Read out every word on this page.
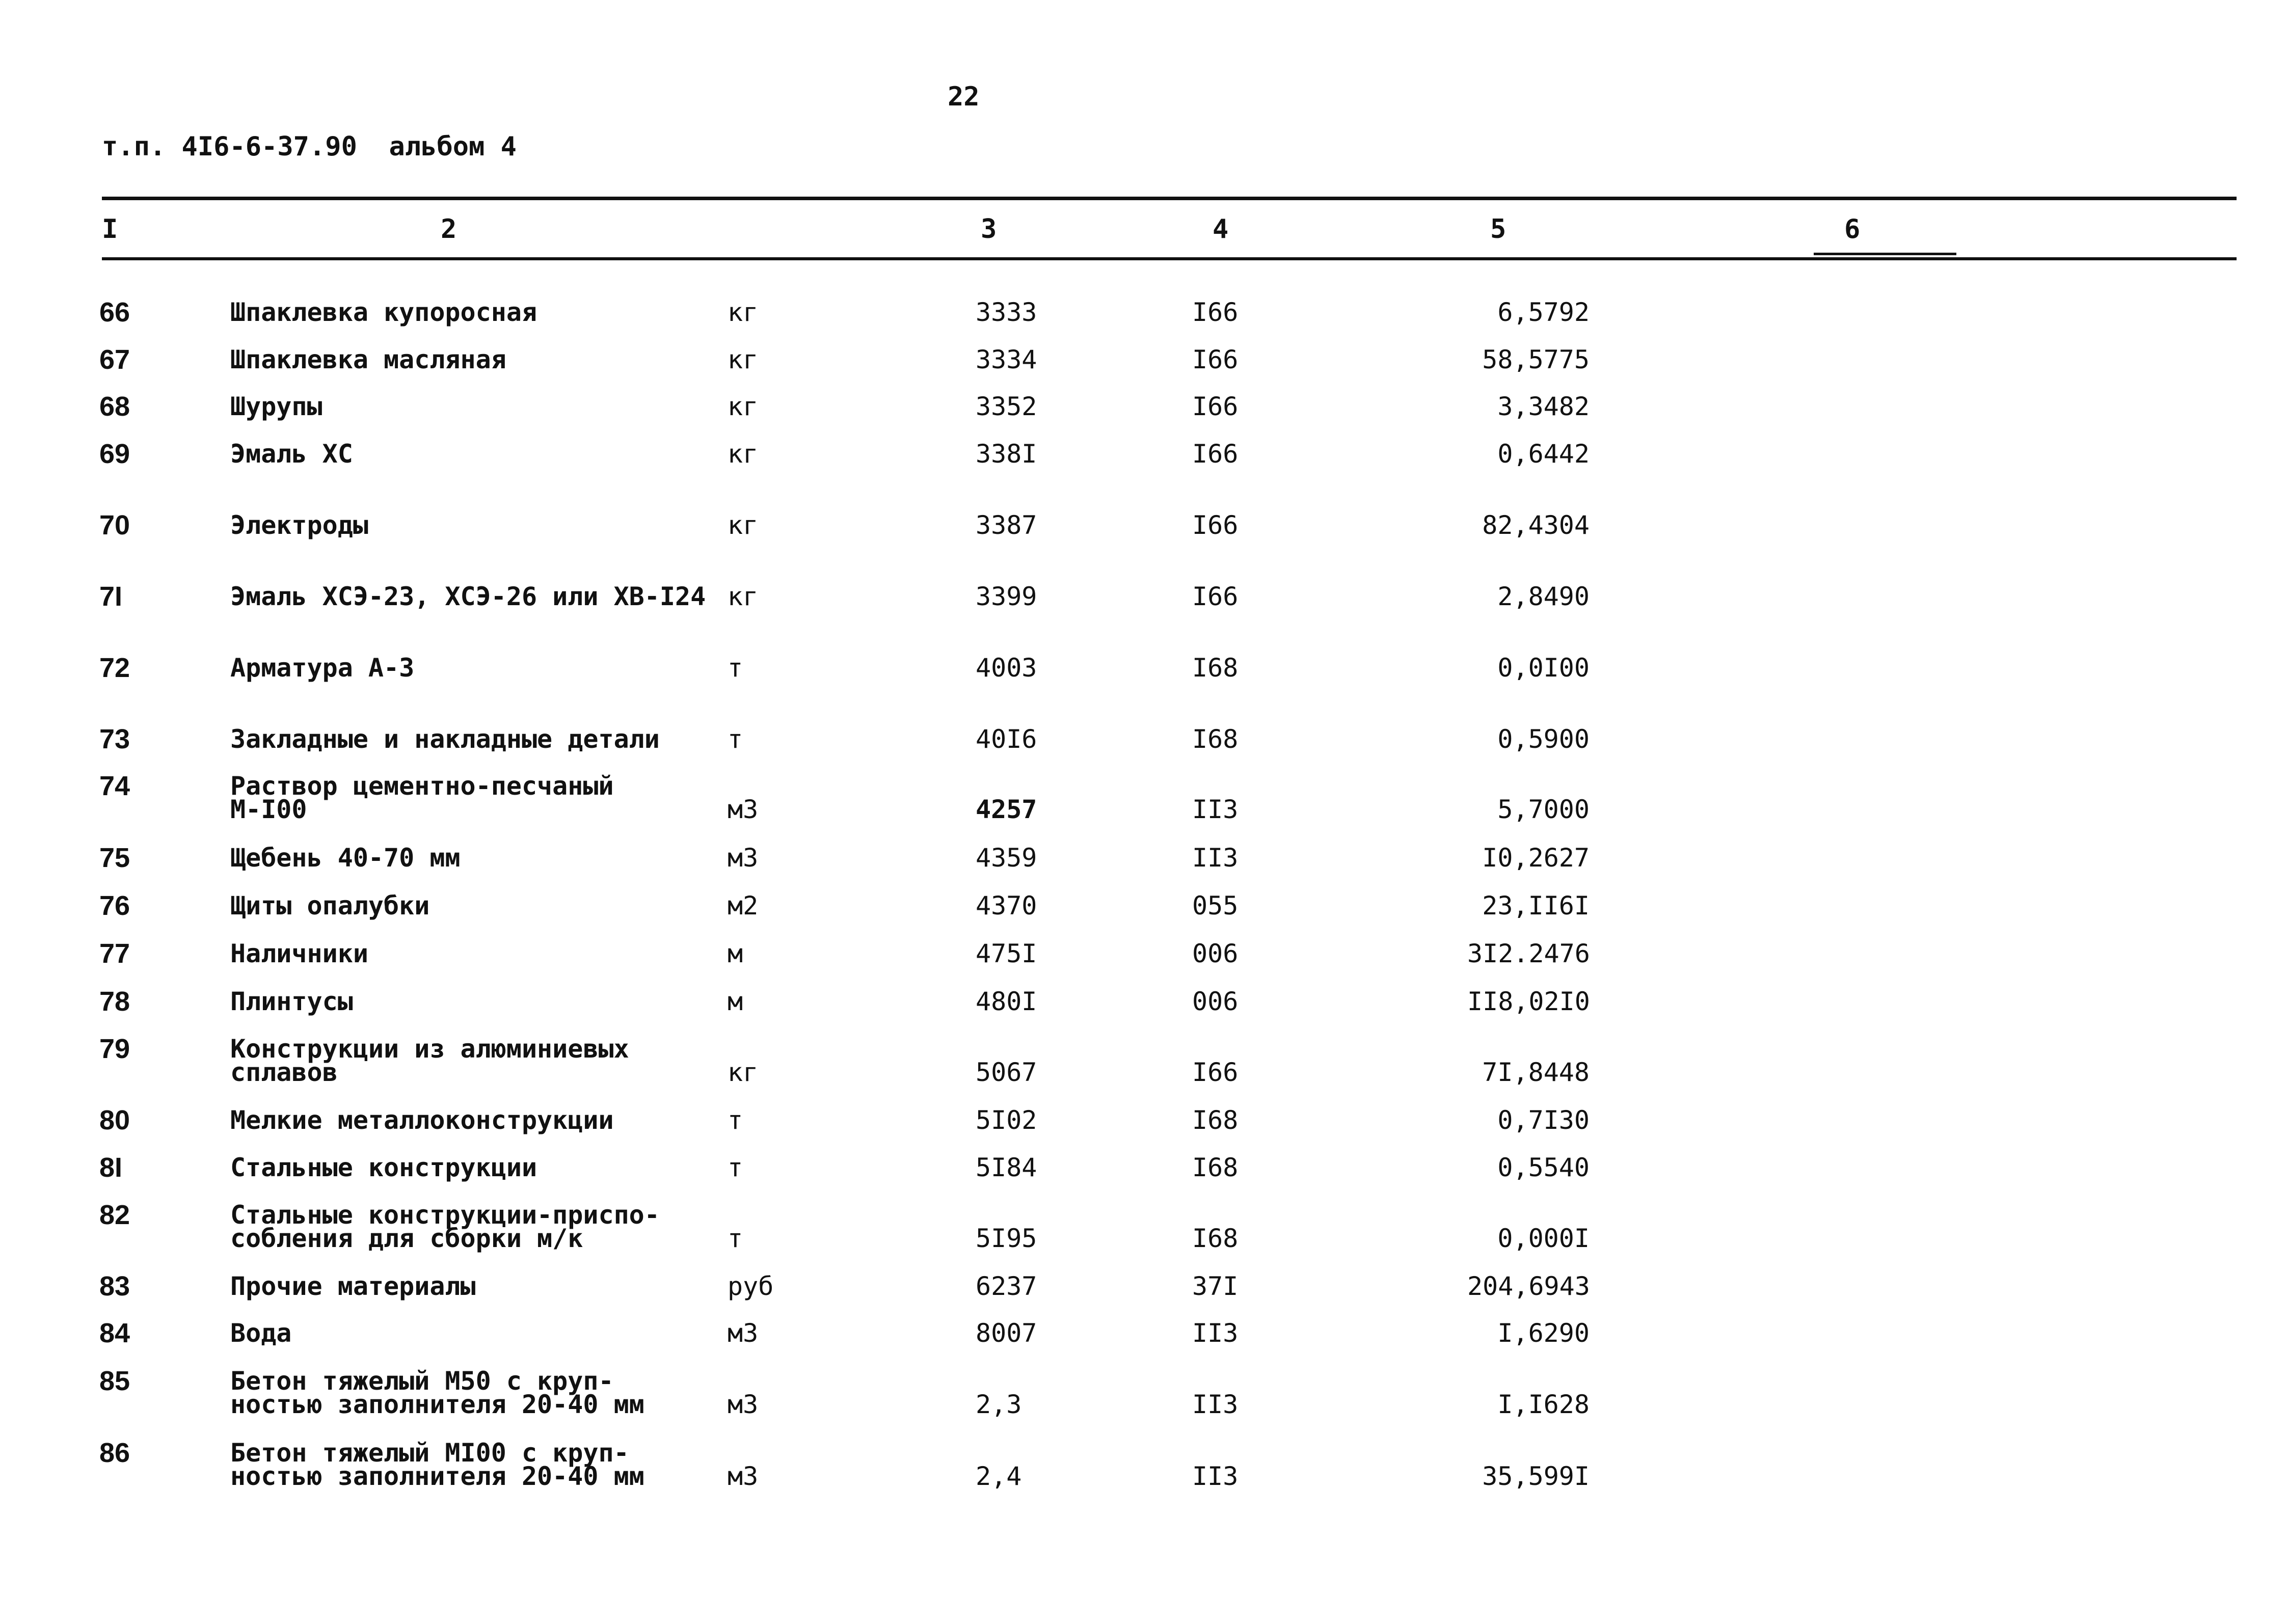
22
т.п. 4I6-6-37.90  альбом 4
I	2	3	4	5	6
66	Шпаклевка купоросная	кг	3333	I66	6,5792
67	Шпаклевка масляная	кг	3334	I66	58,5775
68	Шурупы	кг	3352	I66	3,3482
69	Эмаль ХС	кг	338I	I66	0,6442
70	Электроды	кг	3387	I66	82,4304
7I	Эмаль ХСЭ-23, ХСЭ-26 или ХВ-I24 кг	3399	I66	2,8490
72	Арматура А-3	т	4003	I68	0,0I00
73	Закладные и накладные детали	т	40I6	I68	0,5900
74	Раствор цементно-песчаный
М-I00	м3	4257	II3	5,7000
75	Щебень 40-70 мм	м3	4359	II3	I0,2627
76	Щиты опалубки	м2	4370	055	23,II6I
77	Наличники	м	475I	006	3I2.2476
78	Плинтусы	м	480I	006	II8,02I0
79	Конструкции из алюминиевых
сплавов	кг	5067	I66	7I,8448
80	Мелкие металлоконструкции	т	5I02	I68	0,7I30
8I	Стальные конструкции	т	5I84	I68	0,5540
82	Стальные конструкции-приспо-
собления для сборки м/к	т	5I95	I68	0,000I
83	Прочие материалы	руб	6237	37I	204,6943
84	Вода	м3	8007	II3	I,6290
85	Бетон тяжелый М50 с круп-
ностью заполнителя 20-40 мм	м3	2,3	II3	I,I628
86	Бетон тяжелый МI00 с круп-
ностью заполнителя 20-40 мм	м3	2,4	II3	35,599I
